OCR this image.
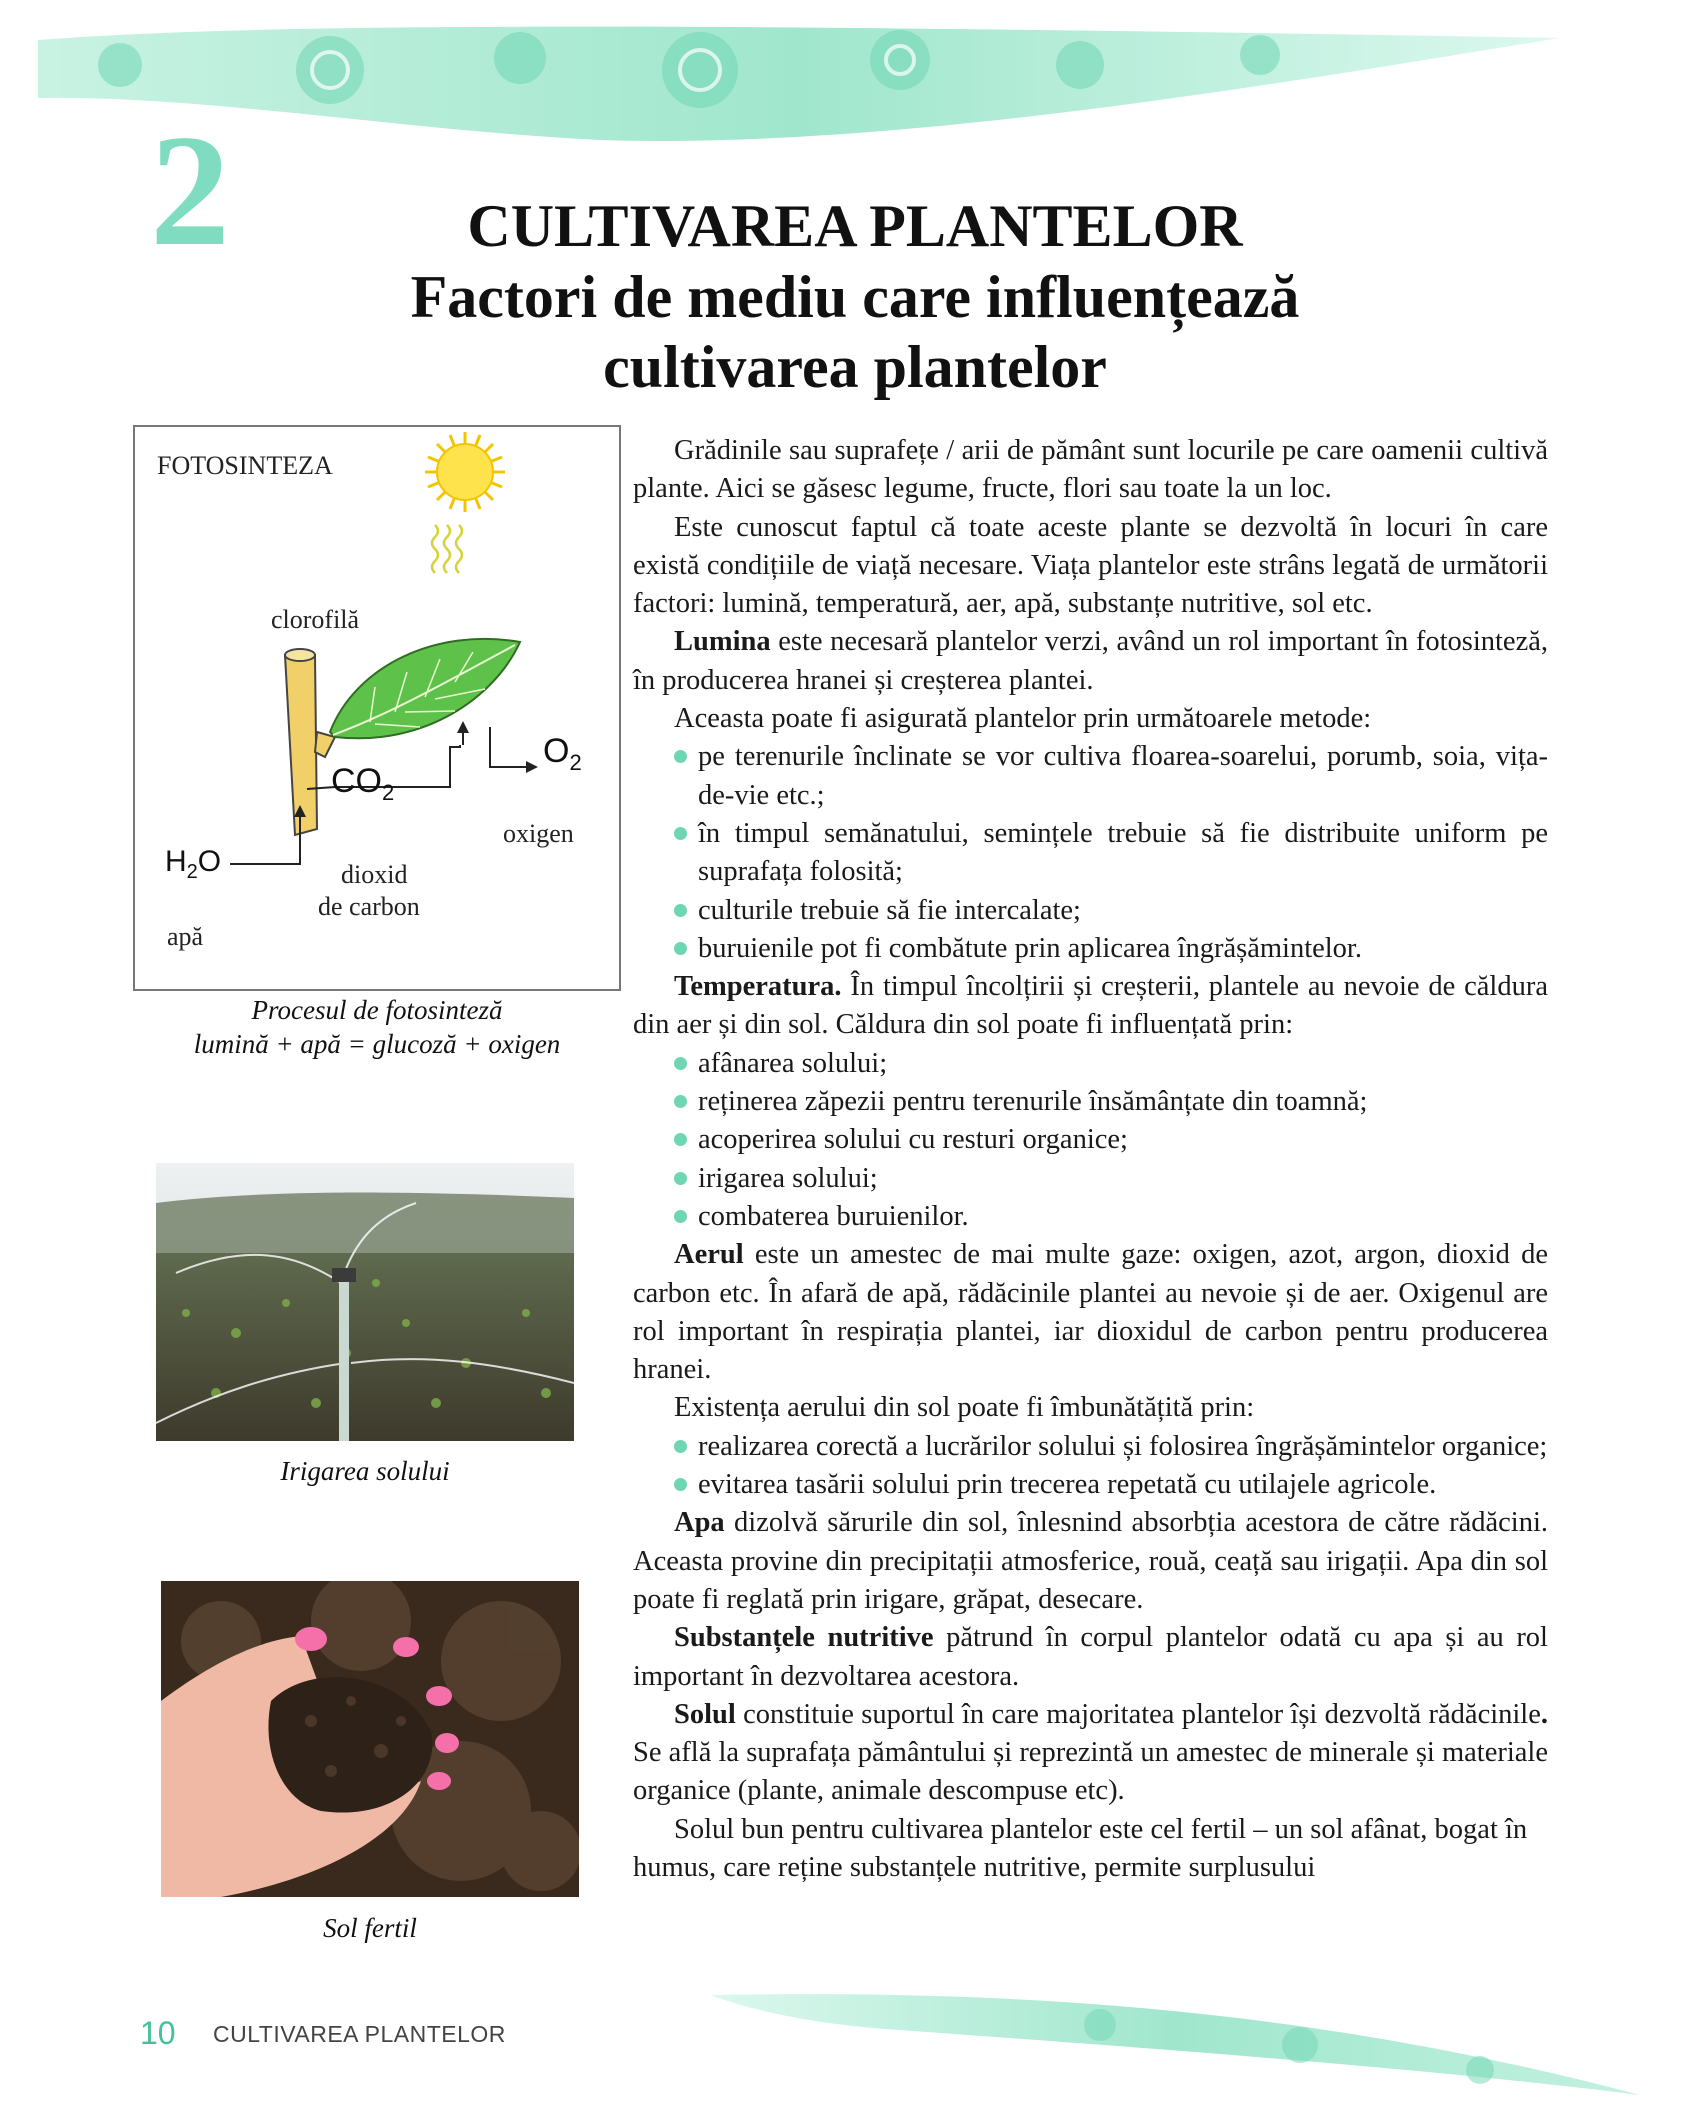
2	CULTIVAREA PLANTELOR
Factori de mediu care influențează
cultivarea plantelor
FOTOSINTEZA
clorofilă
$CO_2$
$O_2$
oxigen
$H_2O$	dioxid
de carbon
apă
Procesul de fotosinteză
lumină + apă = glucoză + oxigen
Irigarea solului
Sol fertil

Grădinile sau suprafețe / arii de pământ sunt locurile pe care oamenii cultivă plante. Aici se găsesc legume, fructe, flori sau toate la un loc.

Este cunoscut faptul că toate aceste plante se dezvoltă în locuri în care există condițiile de viață necesare. Viața plantelor este strâns legată de următorii factori: lumină, temperatură, aer, apă, substanțe nutritive, sol etc.

Lumina este necesară plantelor verzi, având un rol important în fotosinteză, în producerea hranei și creșterea plantei.

Aceasta poate fi asigurată plantelor prin următoarele metode:

pe terenurile înclinate se vor cultiva floarea-soarelui, porumb, soia, vița-de-vie etc.;
în timpul semănatului, semințele trebuie să fie distribuite uniform pe suprafața folosită;
culturile trebuie să fie intercalate;
buruienile pot fi combătute prin aplicarea îngrășămintelor.

Temperatura. În timpul încolțirii și creșterii, plantele au nevoie de căldura din aer și din sol. Căldura din sol poate fi influențată prin:

afânarea solului;
reținerea zăpezii pentru terenurile însămânțate din toamnă;
acoperirea solului cu resturi organice;
irigarea solului;
combaterea buruienilor.

Aerul este un amestec de mai multe gaze: oxigen, azot, argon, dioxid de carbon etc. În afară de apă, rădăcinile plantei au nevoie și de aer. Oxigenul are rol important în respirația plantei, iar dioxidul de carbon pentru producerea hranei.

Existența aerului din sol poate fi îmbunătățită prin:

realizarea corectă a lucrărilor solului și folosirea îngrășămintelor organice;
evitarea tasării solului prin trecerea repetată cu utilajele agricole.

Apa dizolvă sărurile din sol, înlesnind absorbția acestora de către rădăcini. Aceasta provine din precipitații atmosferice, rouă, ceață sau irigații. Apa din sol poate fi reglată prin irigare, grăpat, desecare.

Substanțele nutritive pătrund în corpul plantelor odată cu apa și au rol important în dezvoltarea acestora.

Solul constituie suportul în care majoritatea plantelor își dezvoltă rădăcinile. Se află la suprafața pământului și reprezintă un amestec de minerale și materiale organice (plante, animale descompuse etc).

Solul bun pentru cultivarea plantelor este cel fertil – un sol afânat, bogat în humus, care reține substanțele nutritive, permite surplusului

10 CULTIVAREA PLANTELOR
